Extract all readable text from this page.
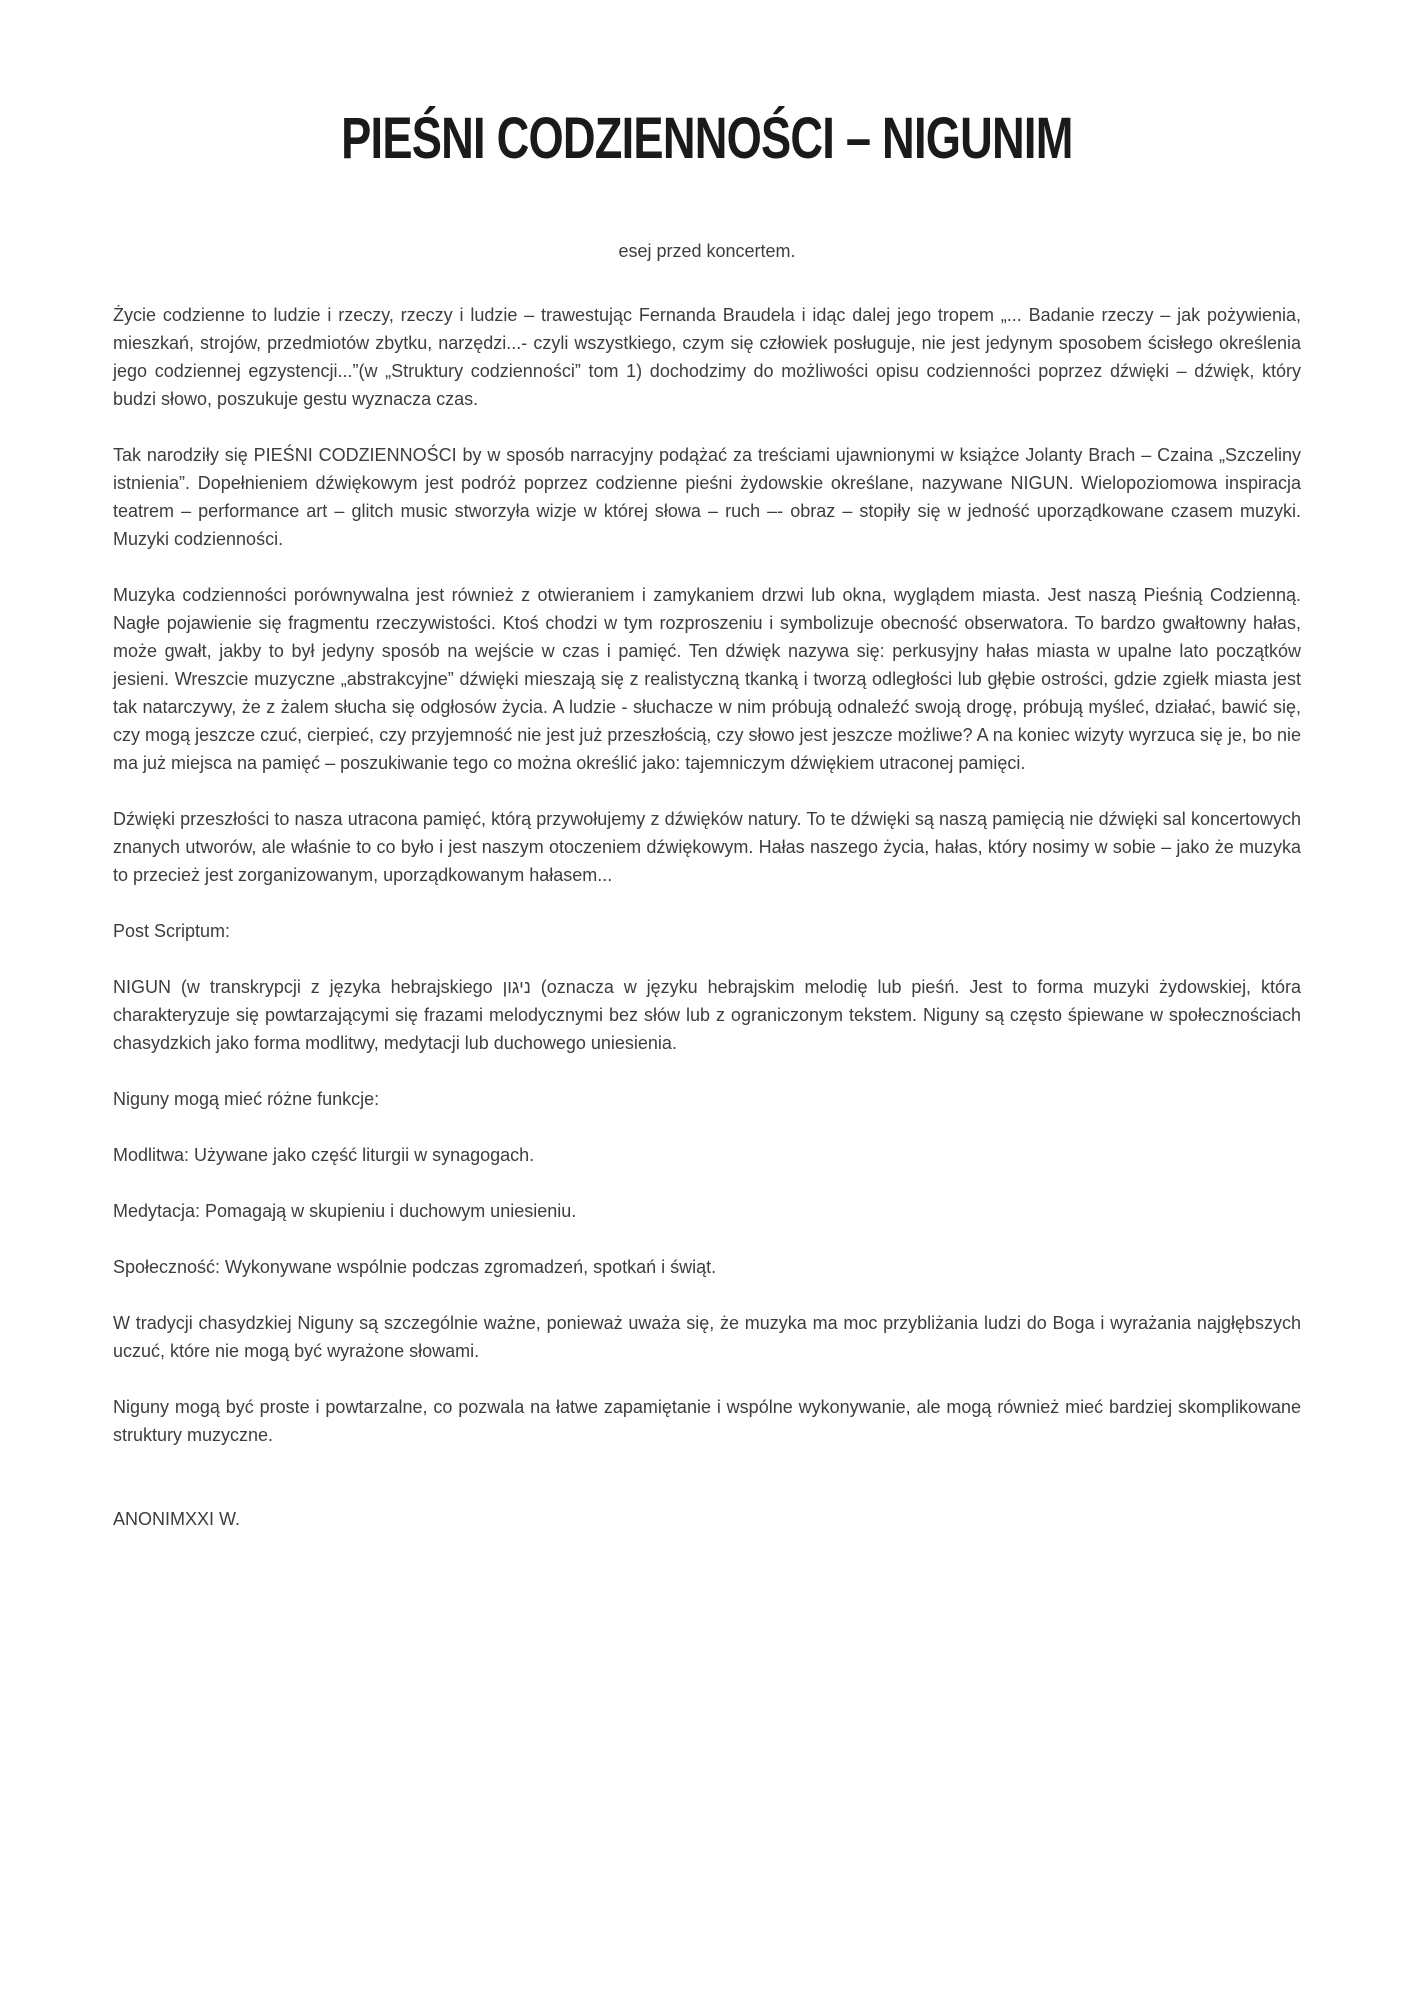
PIEŚNI CODZIENNOŚCI – NIGUNIM

esej przed koncertem.

Życie codzienne to ludzie i rzeczy, rzeczy i ludzie – trawestując Fernanda Braudela i idąc dalej jego tropem „... Badanie rzeczy – jak pożywienia, mieszkań, strojów, przedmiotów zbytku, narzędzi...- czyli wszystkiego, czym się człowiek posługuje, nie jest jedynym sposobem ścisłego określenia jego codziennej egzystencji...”(w „Struktury codzienności” tom 1) dochodzimy do możliwości opisu codzienności poprzez dźwięki – dźwięk, który budzi słowo, poszukuje gestu wyznacza czas.

Tak narodziły się PIEŚNI CODZIENNOŚCI by w sposób narracyjny podążać za treściami ujawnionymi w książce Jolanty Brach – Czaina „Szczeliny istnienia”. Dopełnieniem dźwiękowym jest podróż poprzez codzienne pieśni żydowskie określane, nazywane NIGUN. Wielopoziomowa inspiracja teatrem – performance art – glitch music stworzyła wizje w której słowa – ruch –- obraz – stopiły się w jedność uporządkowane czasem muzyki. Muzyki codzienności.

Muzyka codzienności porównywalna jest również z otwieraniem i zamykaniem drzwi lub okna, wyglądem miasta. Jest naszą Pieśnią Codzienną. Nagłe pojawienie się fragmentu rzeczywistości. Ktoś chodzi w tym rozproszeniu i symbolizuje obecność obserwatora. To bardzo gwałtowny hałas, może gwałt, jakby to był jedyny sposób na wejście w czas i pamięć. Ten dźwięk nazywa się: perkusyjny hałas miasta w upalne lato początków jesieni. Wreszcie muzyczne „abstrakcyjne” dźwięki mieszają się z realistyczną tkanką i tworzą odległości lub głębie ostrości, gdzie zgiełk miasta jest tak natarczywy, że z żalem słucha się odgłosów życia. A ludzie - słuchacze w nim próbują odnaleźć swoją drogę, próbują myśleć, działać, bawić się, czy mogą jeszcze czuć, cierpieć, czy przyjemność nie jest już przeszłością, czy słowo jest jeszcze możliwe? A na koniec wizyty wyrzuca się je, bo nie ma już miejsca na pamięć – poszukiwanie tego co można określić jako: tajemniczym dźwiękiem utraconej pamięci.

Dźwięki przeszłości to nasza utracona pamięć, którą przywołujemy z dźwięków natury. To te dźwięki są naszą pamięcią nie dźwięki sal koncertowych znanych utworów, ale właśnie to co było i jest naszym otoczeniem dźwiękowym. Hałas naszego życia, hałas, który nosimy w sobie – jako że muzyka to przecież jest zorganizowanym, uporządkowanym hałasem...

Post Scriptum:

NIGUN (w transkrypcji z języka hebrajskiego ניגון (oznacza w języku hebrajskim melodię lub pieśń. Jest to forma muzyki żydowskiej, która charakteryzuje się powtarzającymi się frazami melodycznymi bez słów lub z ograniczonym tekstem. Niguny są często śpiewane w społecznościach chasydzkich jako forma modlitwy, medytacji lub duchowego uniesienia.

Niguny mogą mieć różne funkcje:

Modlitwa: Używane jako część liturgii w synagogach.

Medytacja: Pomagają w skupieniu i duchowym uniesieniu.

Społeczność: Wykonywane wspólnie podczas zgromadzeń, spotkań i świąt.

W tradycji chasydzkiej Niguny są szczególnie ważne, ponieważ uważa się, że muzyka ma moc przybliżania ludzi do Boga i wyrażania najgłębszych uczuć, które nie mogą być wyrażone słowami.

Niguny mogą być proste i powtarzalne, co pozwala na łatwe zapamiętanie i wspólne wykonywanie, ale mogą również mieć bardziej skomplikowane struktury muzyczne.

ANONIMXXI W.
